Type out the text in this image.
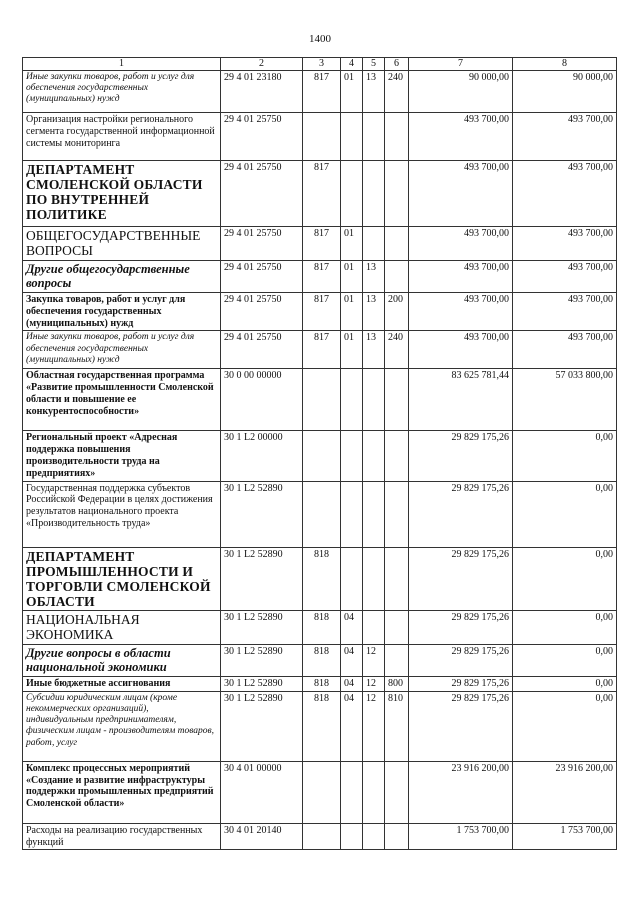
1400
1	2	3	4	5	6	7	8
Иные закупки товаров, работ и услуг для обеспечения государственных (муниципальных) нужд	29 4 01 23180	817	01	13	240	90 000,00	90 000,00
Организация настройки регионального сегмента государственной информационной системы мониторинга	29 4 01 25750					493 700,00	493 700,00
ДЕПАРТАМЕНТ СМОЛЕНСКОЙ ОБЛАСТИ ПО ВНУТРЕННЕЙ ПОЛИТИКЕ	29 4 01 25750	817				493 700,00	493 700,00
ОБЩЕГОСУДАРСТВЕННЫЕ ВОПРОСЫ	29 4 01 25750	817	01			493 700,00	493 700,00
Другие общегосударственные вопросы	29 4 01 25750	817	01	13		493 700,00	493 700,00
Закупка товаров, работ и услуг для обеспечения государственных (муниципальных) нужд	29 4 01 25750	817	01	13	200	493 700,00	493 700,00
Иные закупки товаров, работ и услуг для обеспечения государственных (муниципальных) нужд	29 4 01 25750	817	01	13	240	493 700,00	493 700,00
Областная государственная программа «Развитие промышленности Смоленской области и повышение ее конкурентоспособности»	30 0 00 00000					83 625 781,44	57 033 800,00
Региональный проект «Адресная поддержка повышения производительности труда на предприятиях»	30 1 L2 00000					29 829 175,26	0,00
Государственная поддержка субъектов Российской Федерации в целях достижения результатов национального проекта «Производительность труда»	30 1 L2 52890					29 829 175,26	0,00
ДЕПАРТАМЕНТ ПРОМЫШЛЕННОСТИ И ТОРГОВЛИ СМОЛЕНСКОЙ ОБЛАСТИ	30 1 L2 52890	818				29 829 175,26	0,00
НАЦИОНАЛЬНАЯ ЭКОНОМИКА	30 1 L2 52890	818	04			29 829 175,26	0,00
Другие вопросы в области национальной экономики	30 1 L2 52890	818	04	12		29 829 175,26	0,00
Иные бюджетные ассигнования	30 1 L2 52890	818	04	12	800	29 829 175,26	0,00
Субсидии юридическим лицам (кроме некоммерческих организаций), индивидуальным предпринимателям, физическим лицам - производителям товаров, работ, услуг	30 1 L2 52890	818	04	12	810	29 829 175,26	0,00
Комплекс процессных мероприятий «Создание и развитие инфраструктуры поддержки промышленных предприятий Смоленской области»	30 4 01 00000					23 916 200,00	23 916 200,00
Расходы на реализацию государственных функций	30 4 01 20140					1 753 700,00	1 753 700,00
